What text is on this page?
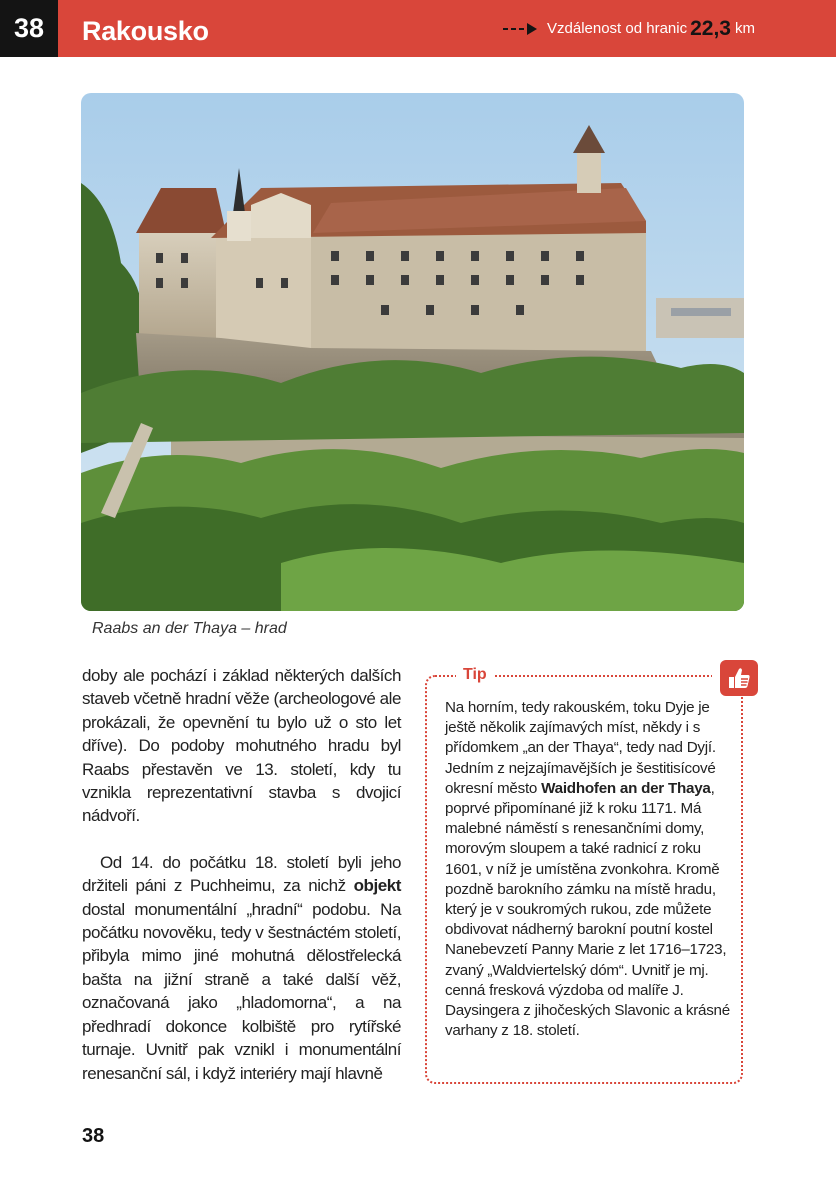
38	Rakousko	Vzdálenost od hranic 22,3 km
Raabs an der Thaya – hrad

doby ale pochází i základ některých dalších staveb včetně hradní věže (archeologové ale prokázali, že opevnění tu bylo už o sto let dříve). Do podoby mohutného hradu byl Raabs přestavěn ve 13. století, kdy tu vznikla reprezentativní stavba s dvojicí nádvoří.

Od 14. do počátku 18. století byli jeho držiteli páni z Puchheimu, za nichž objekt dostal monumentální „hradní“ podobu. Na počátku novověku, tedy v šestnáctém století, přibyla mimo jiné mohutná dělostřelecká bašta na jižní straně a také další věž, označovaná jako „hladomorna“, a na předhradí dokonce kolbiště pro rytířské turnaje. Uvnitř pak vznikl i monumentální renesanční sál, i když interiéry mají hlavně

Tip

Na horním, tedy rakouském, toku Dyje je ještě několik zajímavých míst, někdy i s přídomkem „an der Thaya“, tedy nad Dyjí. Jedním z nejzajímavějších je šestitisícové okresní město Waidhofen an der Thaya, poprvé připomínané již k roku 1171. Má malebné náměstí s renesančními domy, morovým sloupem a také radnicí z roku 1601, v níž je umístěna zvonkohra. Kromě pozdně barokního zámku na místě hradu, který je v soukromých rukou, zde můžete obdivovat nádherný barokní poutní kostel Nanebevzetí Panny Marie z let 1716–1723, zvaný „Waldviertelský dóm“. Uvnitř je mj. cenná fresková výzdoba od malíře J. Daysingera z jihočeských Slavonic a krásné varhany z 18. století.

38
